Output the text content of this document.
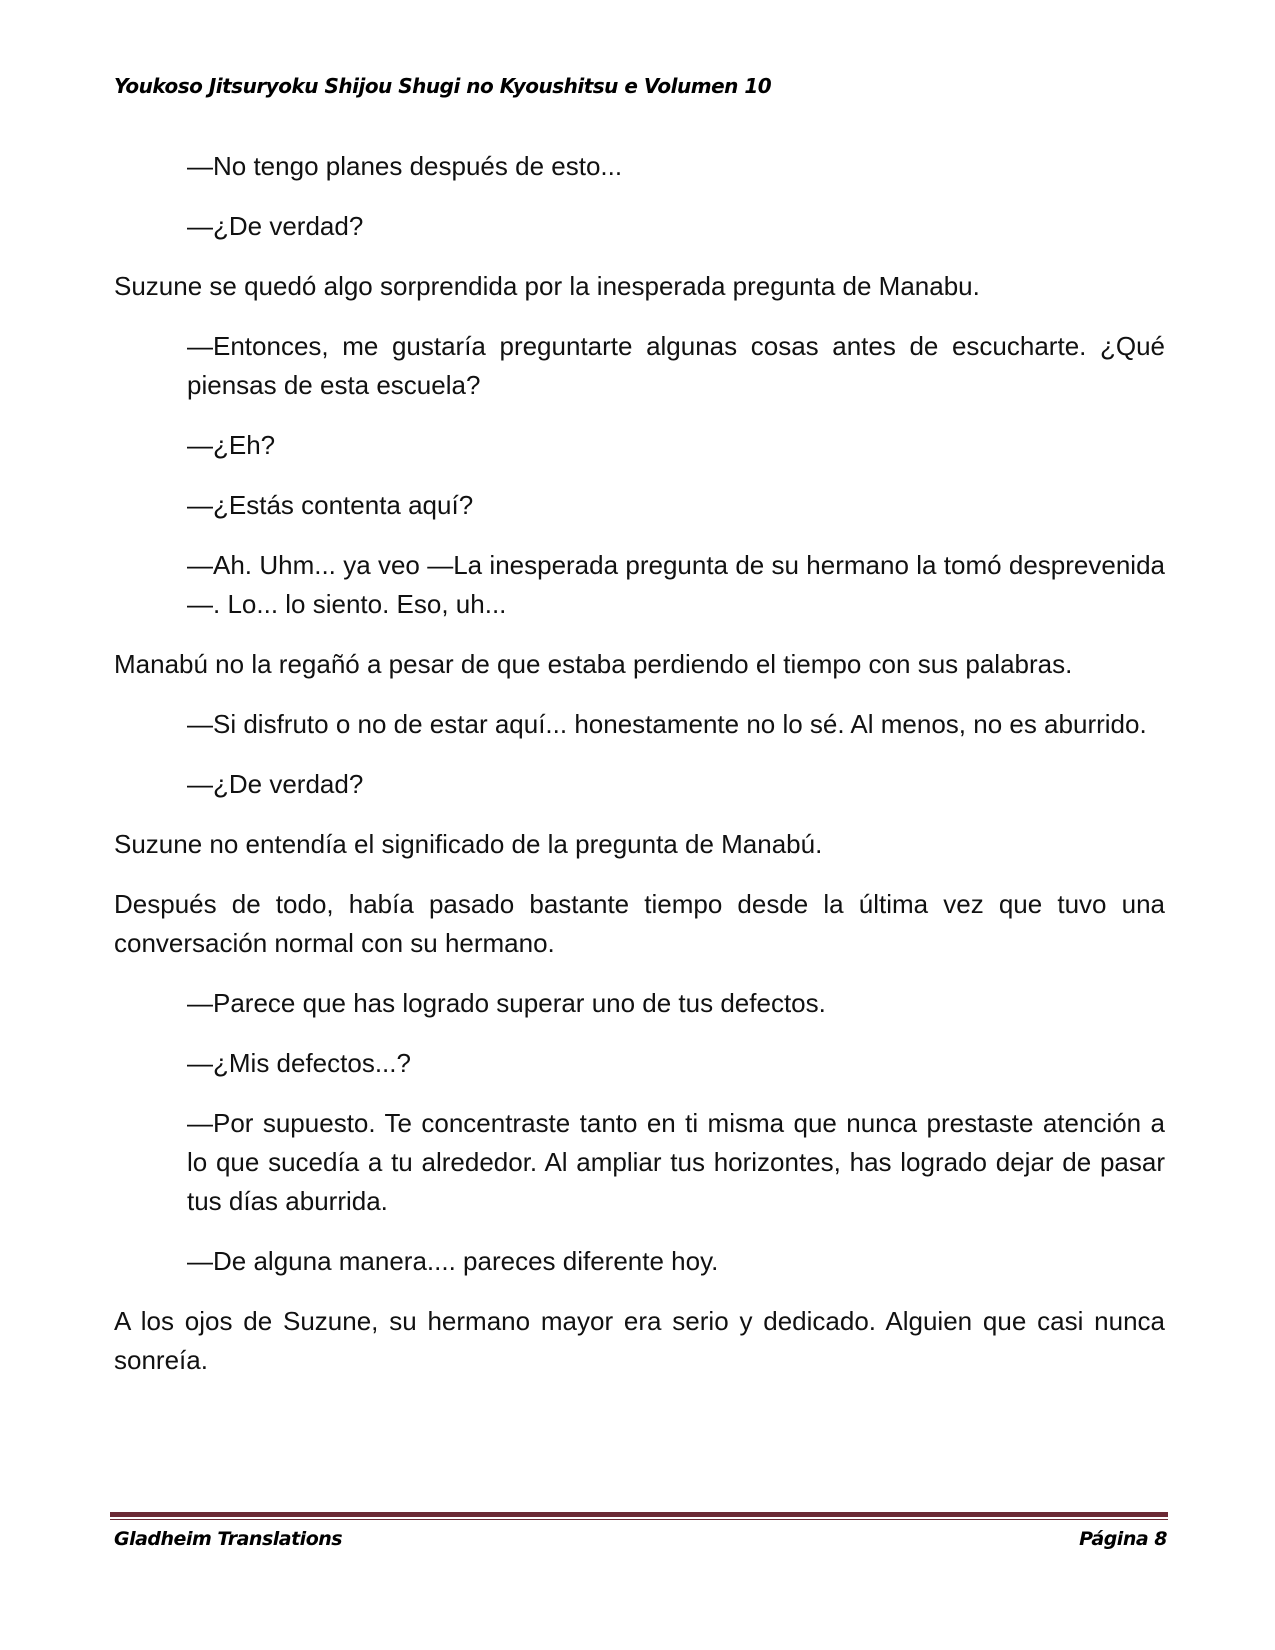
Youkoso Jitsuryoku Shijou Shugi no Kyoushitsu e Volumen 10

—No tengo planes después de esto...

—¿De verdad?

Suzune se quedó algo sorprendida por la inesperada pregunta de Manabu.

—Entonces, me gustaría preguntarte algunas cosas antes de escucharte. ¿Qué piensas de esta escuela?

—¿Eh?

—¿Estás contenta aquí?

—Ah. Uhm... ya veo —La inesperada pregunta de su hermano la tomó desprevenida—. Lo... lo siento. Eso, uh...

Manabú no la regañó a pesar de que estaba perdiendo el tiempo con sus palabras.

—Si disfruto o no de estar aquí... honestamente no lo sé. Al menos, no es aburrido.

—¿De verdad?

Suzune no entendía el significado de la pregunta de Manabú.

Después de todo, había pasado bastante tiempo desde la última vez que tuvo una conversación normal con su hermano.

—Parece que has logrado superar uno de tus defectos.

—¿Mis defectos...?

—Por supuesto. Te concentraste tanto en ti misma que nunca prestaste atención a lo que sucedía a tu alrededor. Al ampliar tus horizontes, has logrado dejar de pasar tus días aburrida.

—De alguna manera.... pareces diferente hoy.

A los ojos de Suzune, su hermano mayor era serio y dedicado. Alguien que casi nunca sonreía.

Gladheim Translations	Página 8
